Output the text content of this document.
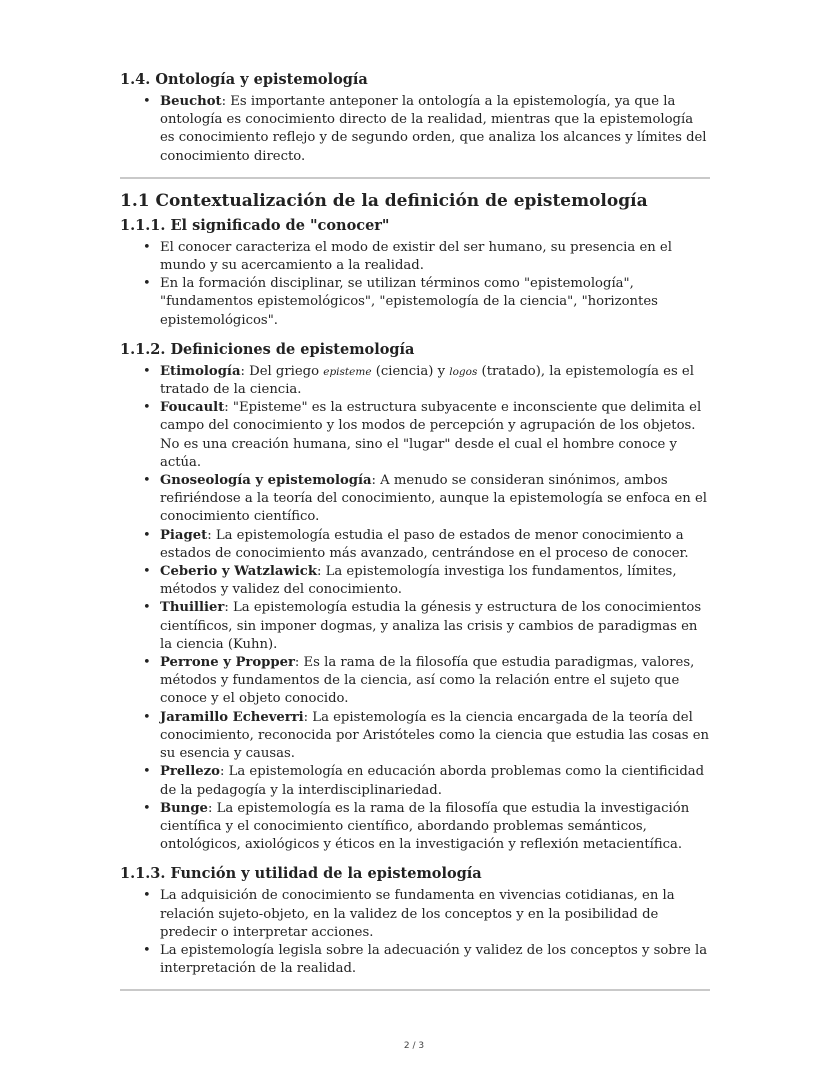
1.4. Ontología y epistemología
• Beuchot: Es importante anteponer la ontología a la epistemología, ya que la ontología es conocimiento directo de la realidad, mientras que la epistemología es conocimiento reflejo y de segundo orden, que analiza los alcances y límites del conocimiento directo.
1.1 Contextualización de la definición de epistemología
1.1.1. El significado de "conocer"
• El conocer caracteriza el modo de existir del ser humano, su presencia en el mundo y su acercamiento a la realidad.
• En la formación disciplinar, se utilizan términos como "epistemología", "fundamentos epistemológicos", "epistemología de la ciencia", "horizontes epistemológicos".
1.1.2. Definiciones de epistemología
• Etimología: Del griego episteme (ciencia) y logos (tratado), la epistemología es el tratado de la ciencia.
• Foucault: "Episteme" es la estructura subyacente e inconsciente que delimita el campo del conocimiento y los modos de percepción y agrupación de los objetos. No es una creación humana, sino el "lugar" desde el cual el hombre conoce y actúa.
• Gnoseología y epistemología: A menudo se consideran sinónimos, ambos refiriéndose a la teoría del conocimiento, aunque la epistemología se enfoca en el conocimiento científico.
• Piaget: La epistemología estudia el paso de estados de menor conocimiento a estados de conocimiento más avanzado, centrándose en el proceso de conocer.
• Ceberio y Watzlawick: La epistemología investiga los fundamentos, límites, métodos y validez del conocimiento.
• Thuillier: La epistemología estudia la génesis y estructura de los conocimientos científicos, sin imponer dogmas, y analiza las crisis y cambios de paradigmas en la ciencia (Kuhn).
• Perrone y Propper: Es la rama de la filosofía que estudia paradigmas, valores, métodos y fundamentos de la ciencia, así como la relación entre el sujeto que conoce y el objeto conocido.
• Jaramillo Echeverri: La epistemología es la ciencia encargada de la teoría del conocimiento, reconocida por Aristóteles como la ciencia que estudia las cosas en su esencia y causas.
• Prellezo: La epistemología en educación aborda problemas como la cientificidad de la pedagogía y la interdisciplinariedad.
• Bunge: La epistemología es la rama de la filosofía que estudia la investigación científica y el conocimiento científico, abordando problemas semánticos, ontológicos, axiológicos y éticos en la investigación y reflexión metacientífica.
1.1.3. Función y utilidad de la epistemología
• La adquisición de conocimiento se fundamenta en vivencias cotidianas, en la relación sujeto-objeto, en la validez de los conceptos y en la posibilidad de predecir o interpretar acciones.
• La epistemología legisla sobre la adecuación y validez de los conceptos y sobre la interpretación de la realidad.
2 / 3
